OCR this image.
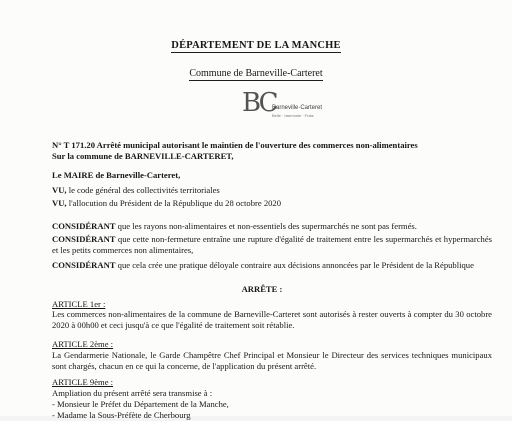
DÉPARTEMENT DE LA MANCHE
Commune de Barneville-Carteret
BC
Barneville·Carteret
Belle · harmonie · Frais
N° T 171.20 Arrêté municipal autorisant le maintien de l'ouverture des commerces non-alimentaires
Sur la commune de BARNEVILLE-CARTERET,
Le MAIRE de Barneville-Carteret,
VU, le code général des collectivités territoriales
VU, l'allocution du Président de la République du 28 octobre 2020
CONSIDÉRANT que les rayons non-alimentaires et non-essentiels des supermarchés ne sont pas fermés.
CONSIDÉRANT que cette non-fermeture entraîne une rupture d'égalité de traitement entre les supermarchés et hypermarchés et les petits commerces non alimentaires,
CONSIDÉRANT que cela crée une pratique déloyale contraire aux décisions annoncées par le Président de la République
ARRÊTE :
ARTICLE 1er :
Les commerces non-alimentaires de la commune de Barneville-Carteret sont autorisés à rester ouverts à compter du 30 octobre 2020 à 00h00 et ceci jusqu'à ce que l'égalité de traitement soit rétablie.
ARTICLE 2ème :
La Gendarmerie Nationale, le Garde Champêtre Chef Principal et Monsieur le Directeur des services techniques municipaux sont chargés, chacun en ce qui la concerne, de l'application du présent arrêté.
ARTICLE 9ème :
Ampliation du présent arrêté sera transmise à :
- Monsieur le Préfet du Département de la Manche,
- Madame la Sous-Préfète de Cherbourg
